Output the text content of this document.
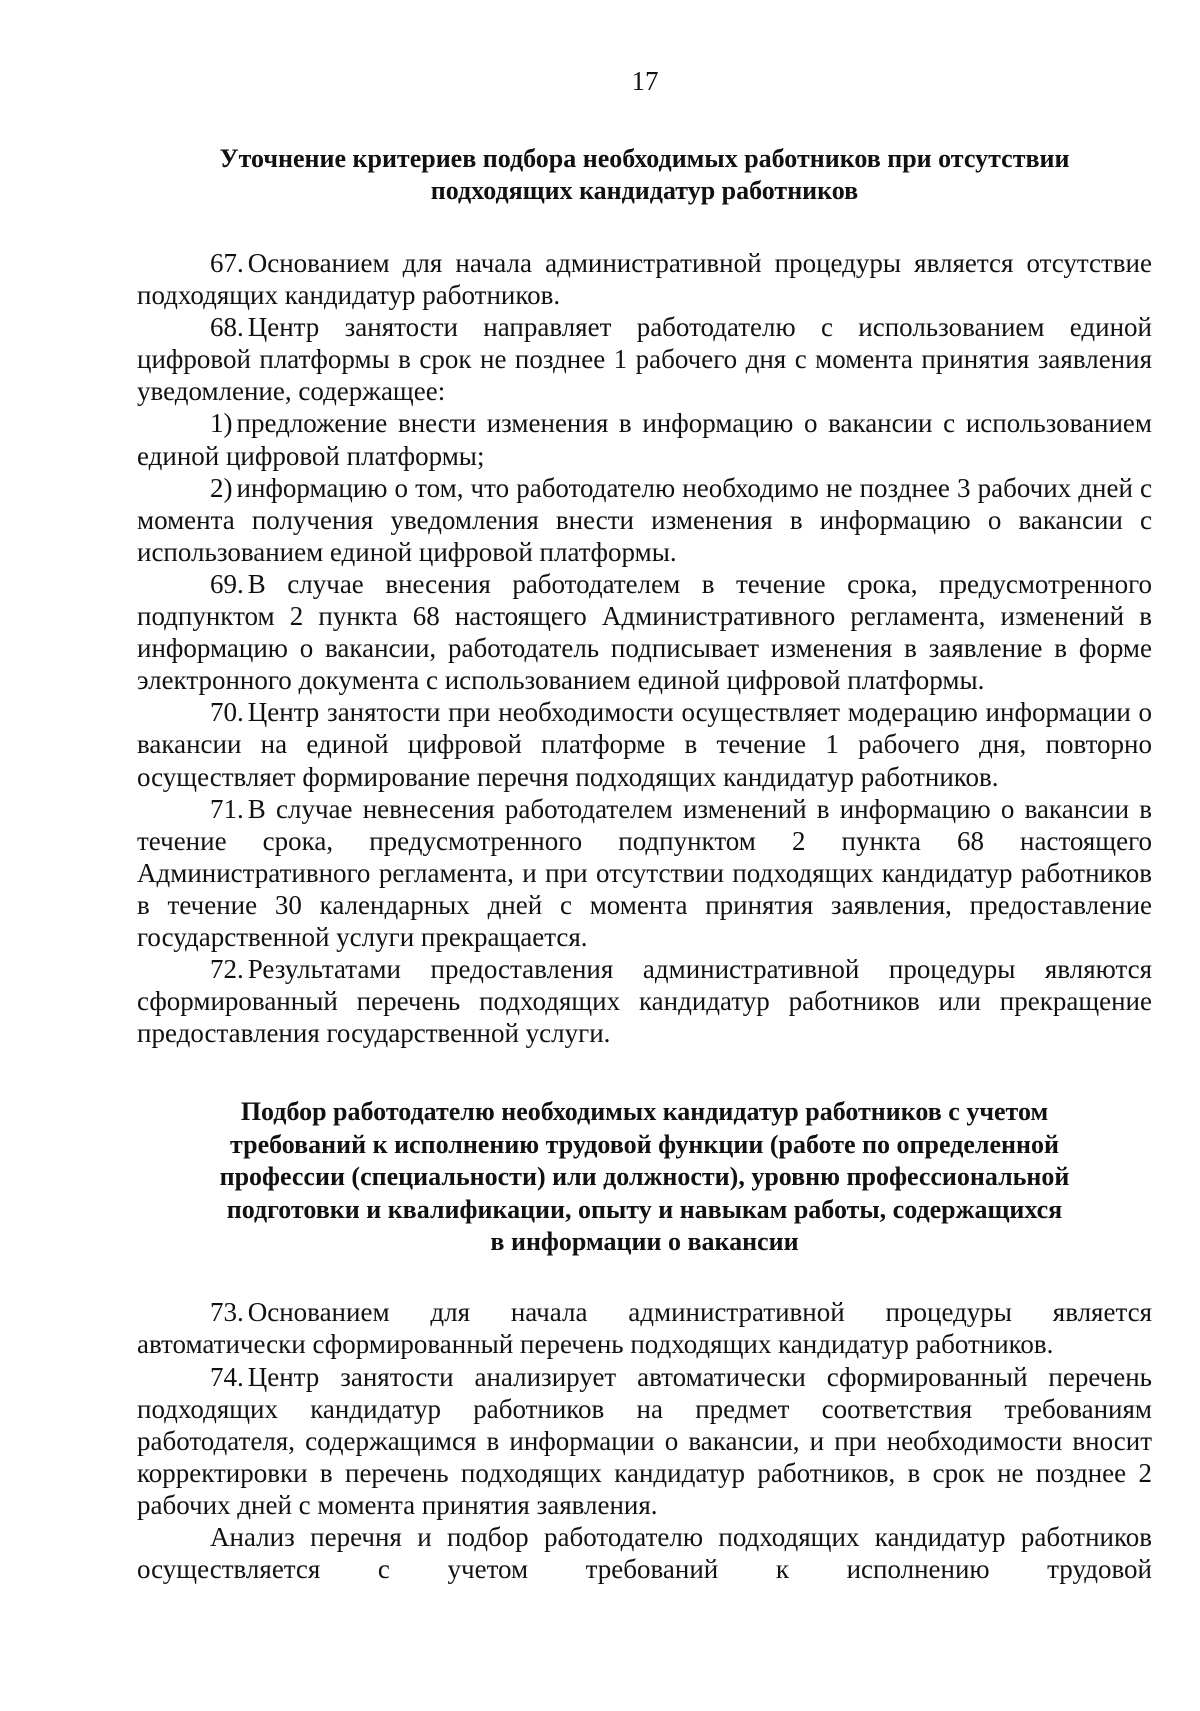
17
Уточнение критериев подбора необходимых работников при отсутствии
подходящих кандидатур работников

67. Основанием для начала административной процедуры является отсутствие подходящих кандидатур работников.

68. Центр занятости направляет работодателю с использованием единой цифровой платформы в срок не позднее 1 рабочего дня с момента принятия заявления уведомление, содержащее:

1) предложение внести изменения в информацию о вакансии с использованием единой цифровой платформы;

2) информацию о том, что работодателю необходимо не позднее 3 рабочих дней с момента получения уведомления внести изменения в информацию о вакансии с использованием единой цифровой платформы.

69. В случае внесения работодателем в течение срока, предусмотренного подпунктом 2 пункта 68 настоящего Административного регламента, изменений в информацию о вакансии, работодатель подписывает изменения в заявление в форме электронного документа с использованием единой цифровой платформы.

70. Центр занятости при необходимости осуществляет модерацию информации о вакансии на единой цифровой платформе в течение 1 рабочего дня, повторно осуществляет формирование перечня подходящих кандидатур работников.

71. В случае невнесения работодателем изменений в информацию о вакансии в течение срока, предусмотренного подпунктом 2 пункта 68 настоящего Административного регламента, и при отсутствии подходящих кандидатур работников в течение 30 календарных дней с момента принятия заявления, предоставление государственной услуги прекращается.

72. Результатами предоставления административной процедуры являются сформированный перечень подходящих кандидатур работников или прекращение предоставления государственной услуги.

Подбор работодателю необходимых кандидатур работников с учетом
требований к исполнению трудовой функции (работе по определенной
профессии (специальности) или должности), уровню профессиональной
подготовки и квалификации, опыту и навыкам работы, содержащихся
в информации о вакансии

73. Основанием для начала административной процедуры является автоматически сформированный перечень подходящих кандидатур работников.

74. Центр занятости анализирует автоматически сформированный перечень подходящих кандидатур работников на предмет соответствия требованиям работодателя, содержащимся в информации о вакансии, и при необходимости вносит корректировки в перечень подходящих кандидатур работников, в срок не позднее 2 рабочих дней с момента принятия заявления.

Анализ перечня и подбор работодателю подходящих кандидатур работников осуществляется с учетом требований к исполнению трудовой
